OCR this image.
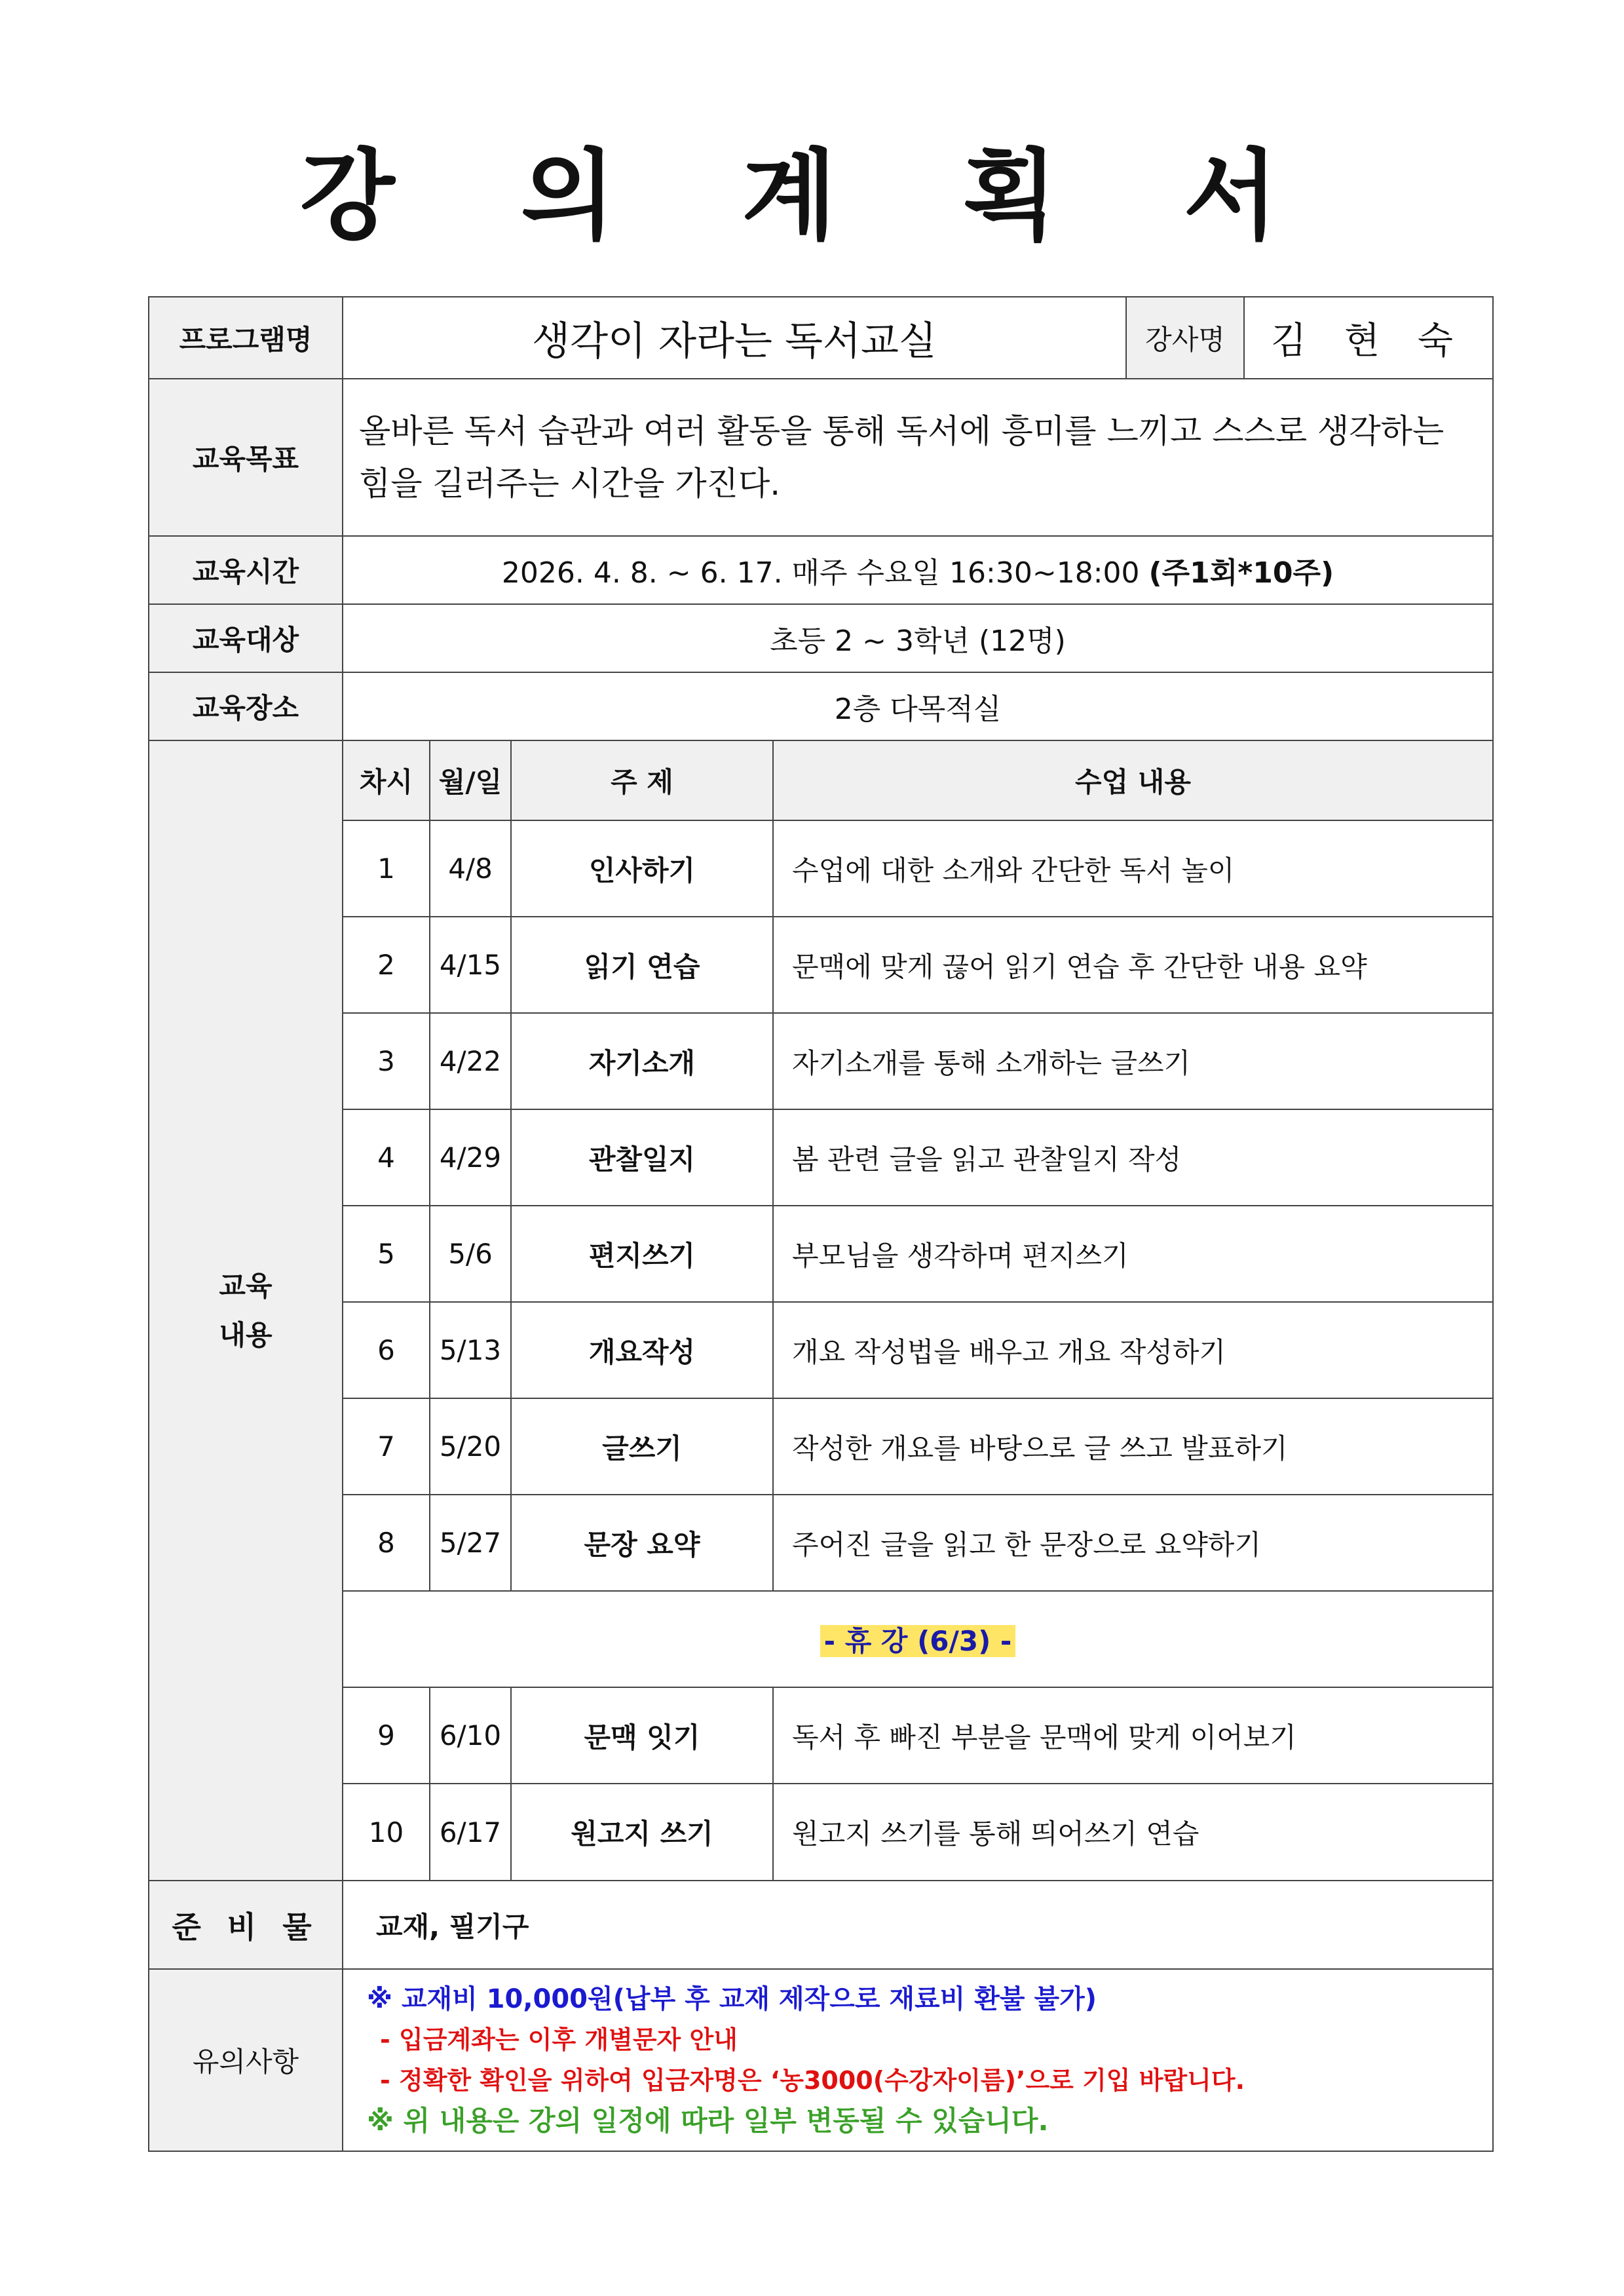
강 의 계 획 서
프로그램명	생각이 자라는 독서교실	강사명	김 현 숙
교육목표	올바른 독서 습관과 여러 활동을 통해 독서에 흥미를 느끼고 스스로 생각하는 힘을 길러주는 시간을 가진다.
교육시간	2026. 4. 8. ~ 6. 17. 매주 수요일 16:30~18:00 (주1회*10주)
교육대상	초등 2 ~ 3학년 (12명)
교육장소	2층 다목적실
교육
내용	
차시	월/일	주 제	수업 내용
1	4/8	인사하기	수업에 대한 소개와 간단한 독서 놀이
2	4/15	읽기 연습	문맥에 맞게 끊어 읽기 연습 후 간단한 내용 요약
3	4/22	자기소개	자기소개를 통해 소개하는 글쓰기
4	4/29	관찰일지	봄 관련 글을 읽고 관찰일지 작성
5	5/6	편지쓰기	부모님을 생각하며 편지쓰기
6	5/13	개요작성	개요 작성법을 배우고 개요 작성하기
7	5/20	글쓰기	작성한 개요를 바탕으로 글 쓰고 발표하기
8	5/27	문장 요약	주어진 글을 읽고 한 문장으로 요약하기
- 휴 강 (6/3) -
9	6/10	문맥 잇기	독서 후 빠진 부분을 문맥에 맞게 이어보기
10	6/17	원고지 쓰기	원고지 쓰기를 통해 띄어쓰기 연습

준 비 물	교재, 필기구
유의사항	
※ 교재비 10,000원(납부 후 교재 제작으로 재료비 환불 불가)
- 입금계좌는 이후 개별문자 안내
- 정확한 확인을 위하여 입금자명은 ‘농3000(수강자이름)’으로 기입 바랍니다.
※ 위 내용은 강의 일정에 따라 일부 변동될 수 있습니다.
